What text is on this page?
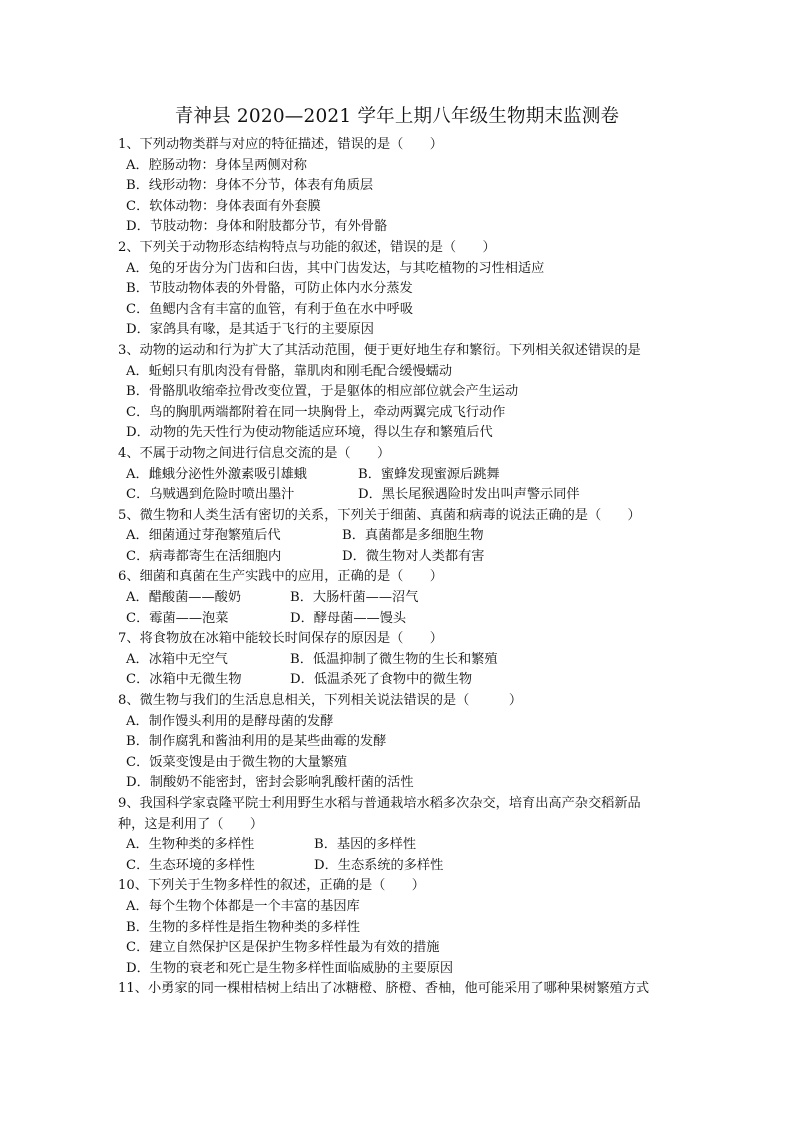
青神县 2020—2021 学年上期八年级生物期末监测卷
1、下列动物类群与对应的特征描述，错误的是（　　）
A．腔肠动物：身体呈两侧对称
B．线形动物：身体不分节，体表有角质层
C．软体动物：身体表面有外套膜
D．节肢动物：身体和附肢都分节，有外骨骼
2、下列关于动物形态结构特点与功能的叙述，错误的是（　　）
A．兔的牙齿分为门齿和臼齿，其中门齿发达，与其吃植物的习性相适应
B．节肢动物体表的外骨骼，可防止体内水分蒸发
C．鱼鳃内含有丰富的血管，有利于鱼在水中呼吸
D．家鸽具有喙，是其适于飞行的主要原因
3、动物的运动和行为扩大了其活动范围，便于更好地生存和繁衍。下列相关叙述错误的是
A．蚯蚓只有肌肉没有骨骼，靠肌肉和刚毛配合缓慢蠕动
B．骨骼肌收缩牵拉骨改变位置，于是躯体的相应部位就会产生运动
C．鸟的胸肌两端都附着在同一块胸骨上，牵动两翼完成飞行动作
D．动物的先天性行为使动物能适应环境，得以生存和繁殖后代
4、不属于动物之间进行信息交流的是（　　）
A．雌蛾分泌性外激素吸引雄蛾	B．蜜蜂发现蜜源后跳舞
C．乌贼遇到危险时喷出墨汁	D．黑长尾猴遇险时发出叫声警示同伴
5、微生物和人类生活有密切的关系，下列关于细菌、真菌和病毒的说法正确的是（　　）
A．细菌通过芽孢繁殖后代	B．真菌都是多细胞生物
C．病毒都寄生在活细胞内	D．微生物对人类都有害
6、细菌和真菌在生产实践中的应用，正确的是（　　）
A．醋酸菌——酸奶	B．大肠杆菌——沼气
C．霉菌——泡菜	D．酵母菌——馒头
7、将食物放在冰箱中能较长时间保存的原因是（　　）
A．冰箱中无空气	B．低温抑制了微生物的生长和繁殖
C．冰箱中无微生物	D．低温杀死了食物中的微生物
8、微生物与我们的生活息息相关，下列相关说法错误的是（　　　）
A．制作馒头利用的是酵母菌的发酵
B．制作腐乳和酱油利用的是某些曲霉的发酵
C．饭菜变馊是由于微生物的大量繁殖
D．制酸奶不能密封，密封会影响乳酸杆菌的活性
9、我国科学家袁隆平院士利用野生水稻与普通栽培水稻多次杂交，培育出高产杂交稻新品
种，这是利用了（　　）
A．生物种类的多样性	B．基因的多样性
C．生态环境的多样性	D．生态系统的多样性
10、下列关于生物多样性的叙述，正确的是（　　）
A．每个生物个体都是一个丰富的基因库
B．生物的多样性是指生物种类的多样性
C．建立自然保护区是保护生物多样性最为有效的措施
D．生物的衰老和死亡是生物多样性面临威胁的主要原因
11、小勇家的同一棵柑桔树上结出了冰糖橙、脐橙、香柚，他可能采用了哪种果树繁殖方式
